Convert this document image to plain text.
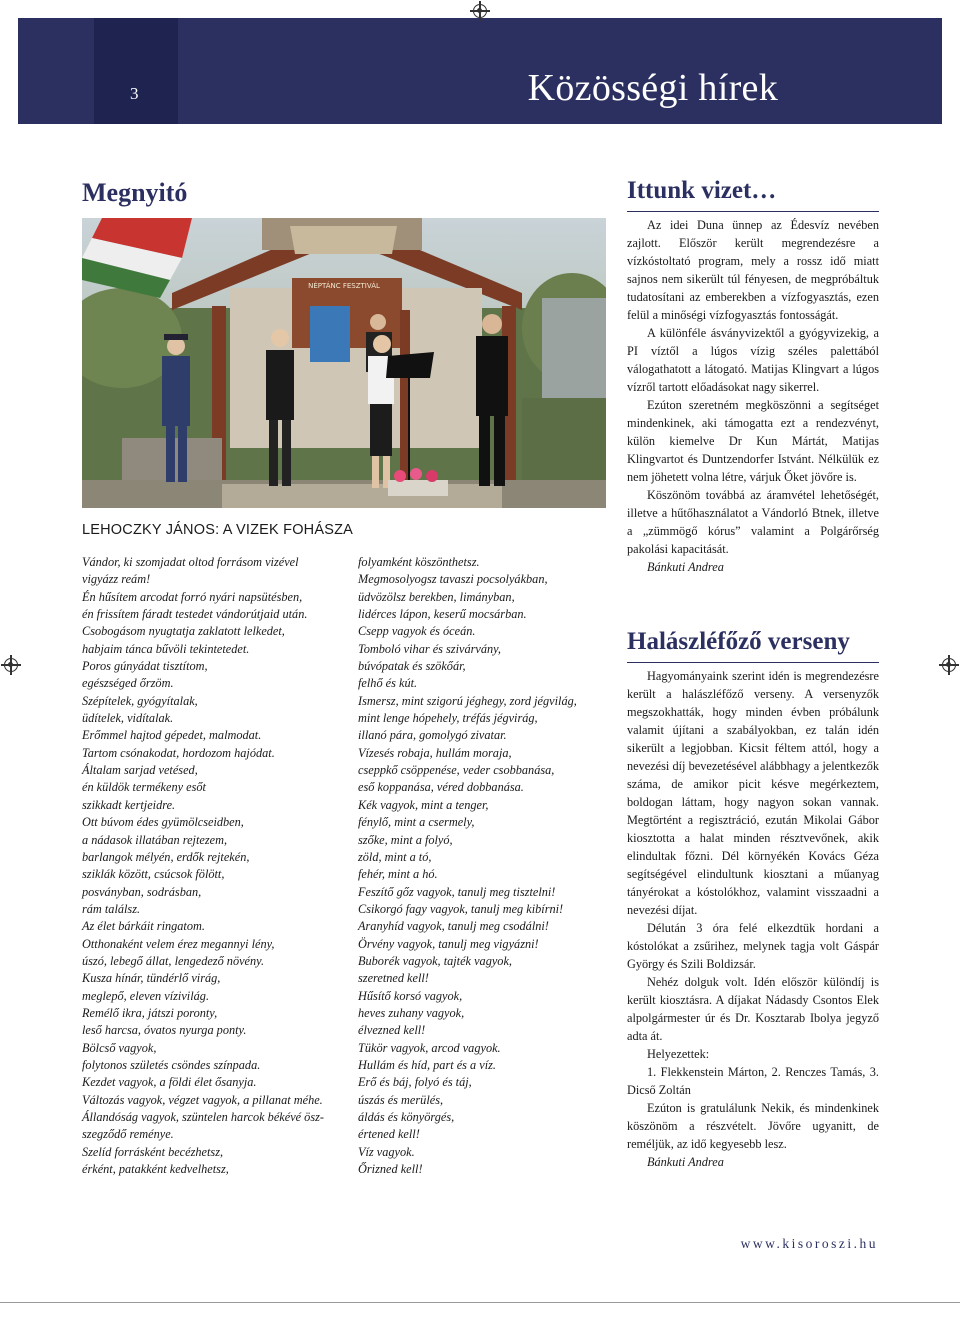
3	Közösségi hírek
Megnyitó
NÉPTÁNC FESZTIVÁL
LEHOCZKY JÁNOS: A VIZEK FOHÁSZA
Vándor, ki szomjadat oltod forrásom vizével
vigyázz reám!
Én hűsítem arcodat forró nyári napsütésben,
én frissítem fáradt testedet vándorútjaid után.
Csobogásom nyugtatja zaklatott lelkedet,
habjaim tánca bűvöli tekintetedet.
Poros gúnyádat tisztítom,
egészséged őrzöm.
Szépítelek, gyógyítalak,
üdítelek, vidítalak.
Erőmmel hajtod gépedet, malmodat.
Tartom csónakodat, hordozom hajódat.
Általam sarjad vetésed,
én küldök termékeny esőt
szikkadt kertjeidre.
Ott búvom édes gyümölcseidben,
a nádasok illatában rejtezem,
barlangok mélyén, erdők rejtekén,
sziklák között, csúcsok fölött,
posványban, sodrásban,
rám találsz.
Az élet bárkáit ringatom.
Otthonaként velem érez megannyi lény,
úszó, lebegő állat, lengedező növény.
Kusza hínár, tündérlő virág,
meglepő, eleven vízivilág.
Remélő ikra, játszi poronty,
leső harcsa, óvatos nyurga ponty.
Bölcső vagyok,
folytonos születés csöndes színpada.
Kezdet vagyok, a földi élet ősanyja.
Változás vagyok, végzet vagyok, a pillanat méhe.
Állandóság vagyok, szüntelen harcok békévé ösz-
szegződő reménye.
Szelíd forrásként becézhetsz,
érként, patakként kedvelhetsz,
folyamként köszönthetsz.
Megmosolyogsz tavaszi pocsolyákban,
üdvözölsz berekben, limányban,
lidérces lápon, keserű mocsárban.
Csepp vagyok és óceán.
Tomboló vihar és szivárvány,
búvópatak és szökőár,
felhő és kút.
Ismersz, mint szigorú jéghegy, zord jégvilág,
mint lenge hópehely, tréfás jégvirág,
illanó pára, gomolygó zivatar.
Vízesés robaja, hullám moraja,
cseppkő csöppenése, veder csobbanása,
eső koppanása, véred dobbanása.
Kék vagyok, mint a tenger,
fénylő, mint a csermely,
szőke, mint a folyó,
zöld, mint a tó,
fehér, mint a hó.
Feszítő gőz vagyok, tanulj meg tisztelni!
Csikorgó fagy vagyok, tanulj meg kibírni!
Aranyhíd vagyok, tanulj meg csodálni!
Örvény vagyok, tanulj meg vigyázni!
Buborék vagyok, tajték vagyok,
szeretned kell!
Hűsítő korsó vagyok,
heves zuhany vagyok,
élvezned kell!
Tükör vagyok, arcod vagyok.
Hullám és híd, part és a víz.
Erő és báj, folyó és táj,
úszás és merülés,
áldás és könyörgés,
értened kell!
Víz vagyok.
Őrizned kell!
Ittunk vizet…

Az idei Duna ünnep az Édesvíz nevében zajlott. Először került megrendezésre a vízkóstoltató program, mely a rossz idő miatt sajnos nem sikerült túl fényesen, de megpróbáltuk tudatosítani az emberekben a vízfogyasztás, ezen felül a minőségi vízfogyasztás fontosságát.

A különféle ásványvizektől a gyógyvizekig, a PI víztől a lúgos vízig széles palettából válogathatott a látogató. Matijas Klingvart a lúgos vízről tartott előadásokat nagy sikerrel.

Ezúton szeretném megköszönni a segítséget mindenkinek, aki támogatta ezt a rendezvényt, külön kiemelve Dr Kun Mártát, Matijas Klingvartot és Duntzendorfer Istvánt. Nélkülük ez nem jöhetett volna létre, várjuk Őket jövőre is.

Köszönöm továbbá az áramvétel lehetőségét, illetve a hűtőhasználatot a Vándorló Btnek, illetve a „zümmögő kórus” valamint a Polgárőrség pakolási kapacitását.

Bánkuti Andrea

Halászléfőző verseny

Hagyományaink szerint idén is megrendezésre került a halászléfőző verseny. A versenyzők megszokhatták, hogy minden évben próbálunk valamit újítani a szabályokban, ez talán idén sikerült a legjobban. Kicsit féltem attól, hogy a nevezési díj bevezetésével alábbhagy a jelentkezők száma, de amikor picit késve megérkeztem, boldogan láttam, hogy nagyon sokan vannak. Megtörtént a regisztráció, ezután Mikolai Gábor kiosztotta a halat minden résztvevőnek, akik elindultak főzni. Dél környékén Kovács Géza segítségével elindultunk kiosztani a műanyag tányérokat a kóstolókhoz, valamint visszaadni a nevezési díjat.

Délután 3 óra felé elkezdtük hordani a kóstolókat a zsűrihez, melynek tagja volt Gáspár György és Szili Boldizsár.

Nehéz dolguk volt. Idén először különdíj is került kiosztásra. A díjakat Nádasdy Csontos Elek alpolgármester úr és Dr. Kosztarab Ibolya jegyző adta át.

Helyezettek:

1. Flekkenstein Márton, 2. Renczes Tamás, 3. Dicső Zoltán

Ezúton is gratulálunk Nekik, és mindenkinek köszönöm a részvételt. Jövőre ugyanitt, de reméljük, az idő kegyesebb lesz.

Bánkuti Andrea

www.kisoroszi.hu
